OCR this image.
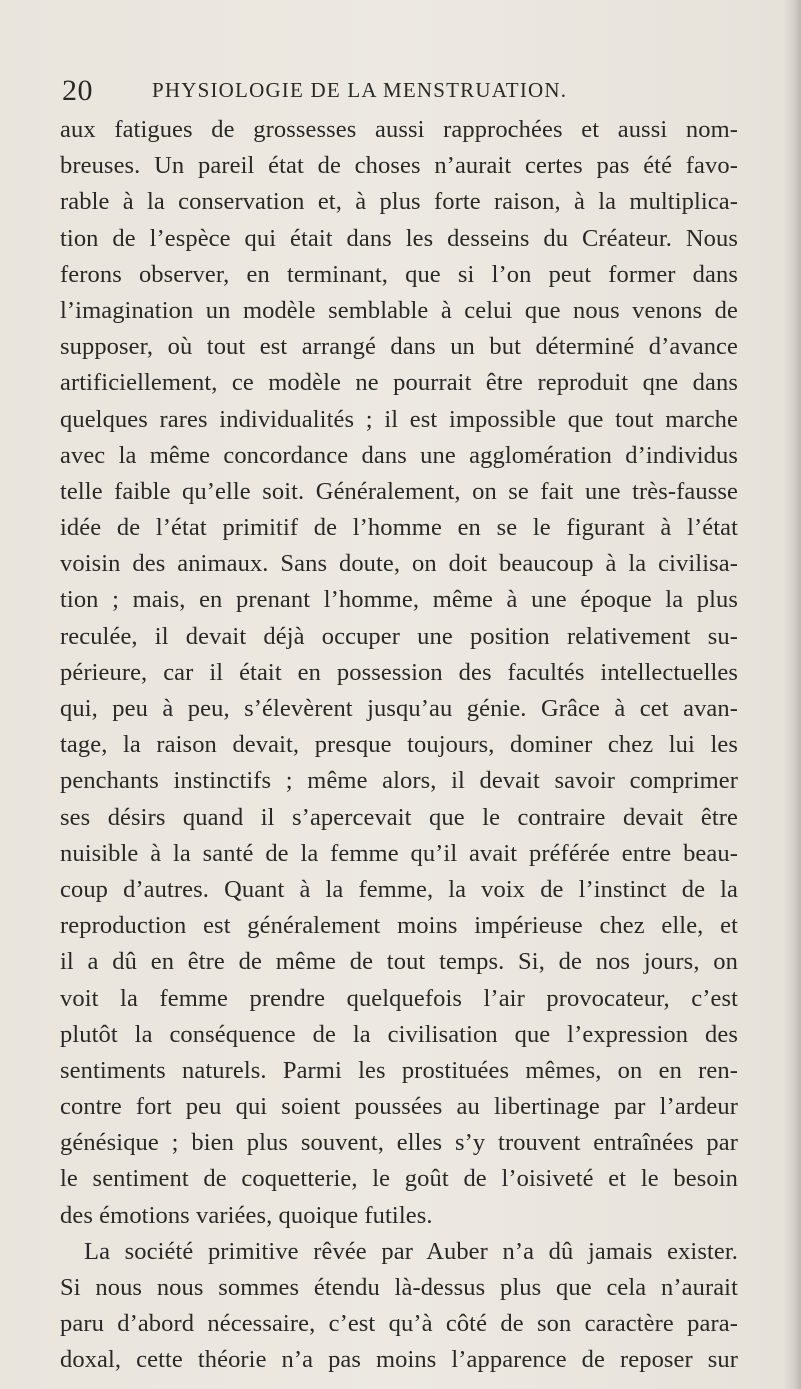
20	PHYSIOLOGIE DE LA MENSTRUATION.
aux fatigues de grossesses aussi rapprochées et aussi nom-
breuses. Un pareil état de choses n’aurait certes pas été favo-
rable à la conservation et, à plus forte raison, à la multiplica-
tion de l’espèce qui était dans les desseins du Créateur. Nous
ferons observer, en terminant, que si l’on peut former dans
l’imagination un modèle semblable à celui que nous venons de
supposer, où tout est arrangé dans un but déterminé d’avance
artificiellement, ce modèle ne pourrait être reproduit qne dans
quelques rares individualités ; il est impossible que tout marche
avec la même concordance dans une agglomération d’individus
telle faible qu’elle soit. Généralement, on se fait une très-fausse
idée de l’état primitif de l’homme en se le figurant à l’état
voisin des animaux. Sans doute, on doit beaucoup à la civilisa-
tion ; mais, en prenant l’homme, même à une époque la plus
reculée, il devait déjà occuper une position relativement su-
périeure, car il était en possession des facultés intellectuelles
qui, peu à peu, s’élevèrent jusqu’au génie. Grâce à cet avan-
tage, la raison devait, presque toujours, dominer chez lui les
penchants instinctifs ; même alors, il devait savoir comprimer
ses désirs quand il s’apercevait que le contraire devait être
nuisible à la santé de la femme qu’il avait préférée entre beau-
coup d’autres. Quant à la femme, la voix de l’instinct de la
reproduction est généralement moins impérieuse chez elle, et
il a dû en être de même de tout temps. Si, de nos jours, on
voit la femme prendre quelquefois l’air provocateur, c’est
plutôt la conséquence de la civilisation que l’expression des
sentiments naturels. Parmi les prostituées mêmes, on en ren-
contre fort peu qui soient poussées au libertinage par l’ardeur
génésique ; bien plus souvent, elles s’y trouvent entraînées par
le sentiment de coquetterie, le goût de l’oisiveté et le besoin
des émotions variées, quoique futiles.
La société primitive rêvée par Auber n’a dû jamais exister.
Si nous nous sommes étendu là-dessus plus que cela n’aurait
paru d’abord nécessaire, c’est qu’à côté de son caractère para-
doxal, cette théorie n’a pas moins l’apparence de reposer sur
